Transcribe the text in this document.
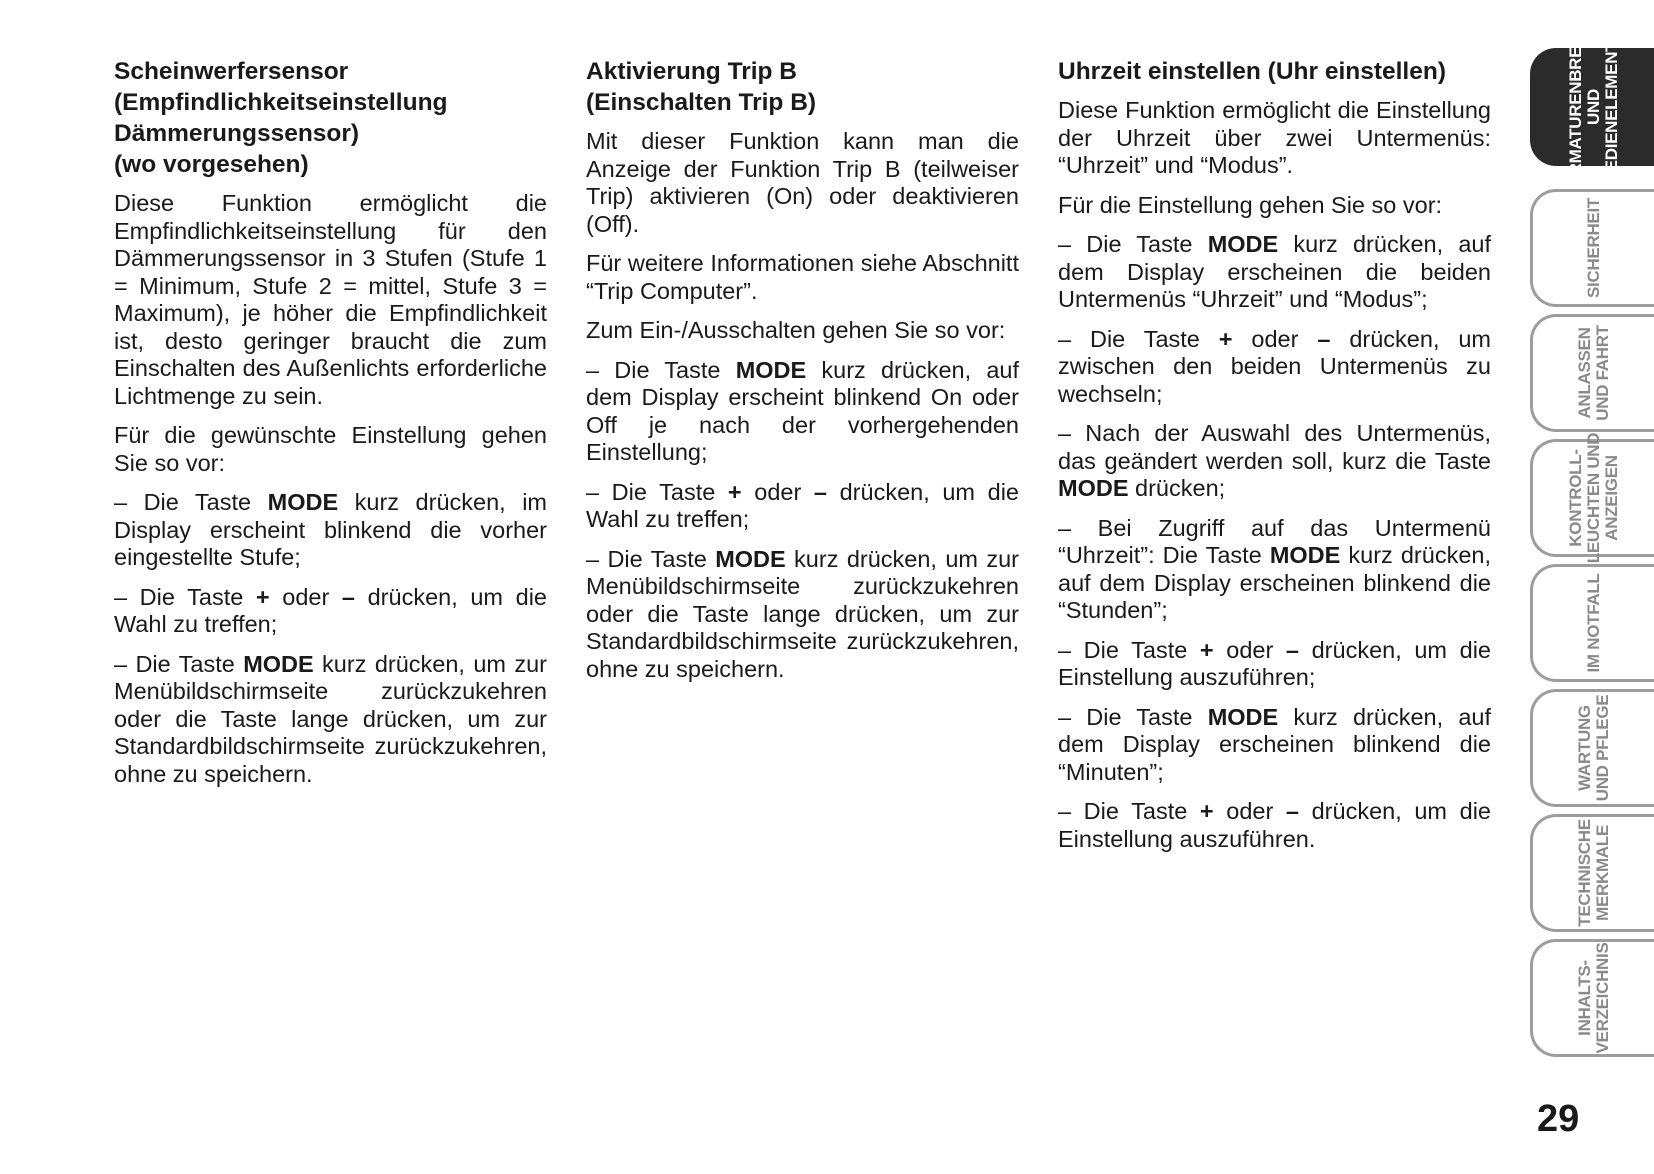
Scheinwerfersensor
(Empfindlichkeitseinstellung
Dämmerungssensor)
(wo vorgesehen)

Diese Funktion ermöglicht die Empfindlichkeitseinstellung für den Dämmerungssensor in 3 Stufen (Stufe 1 = Minimum, Stufe 2 = mittel, Stufe 3 = Maximum), je höher die Empfindlichkeit ist, desto geringer braucht die zum Einschalten des Außenlichts erforderliche Lichtmenge zu sein.

Für die gewünschte Einstellung gehen Sie so vor:

– Die Taste MODE kurz drücken, im Display erscheint blinkend die vorher eingestellte Stufe;

– Die Taste + oder – drücken, um die Wahl zu treffen;

– Die Taste MODE kurz drücken, um zur Menübildschirmseite zurückzukehren oder die Taste lange drücken, um zur Standardbildschirmseite zurückzukehren, ohne zu speichern.

Aktivierung Trip B
(Einschalten Trip B)

Mit dieser Funktion kann man die Anzeige der Funktion Trip B (teilweiser Trip) aktivieren (On) oder deaktivieren (Off).

Für weitere Informationen siehe Abschnitt “Trip Computer”.

Zum Ein-/Ausschalten gehen Sie so vor:

– Die Taste MODE kurz drücken, auf dem Display erscheint blinkend On oder Off je nach der vorhergehenden Einstellung;

– Die Taste + oder – drücken, um die Wahl zu treffen;

– Die Taste MODE kurz drücken, um zur Menübildschirmseite zurückzukehren oder die Taste lange drücken, um zur Standardbildschirmseite zurückzukehren, ohne zu speichern.

Uhrzeit einstellen (Uhr einstellen)

Diese Funktion ermöglicht die Einstellung der Uhrzeit über zwei Untermenüs: “Uhrzeit” und “Modus”.

Für die Einstellung gehen Sie so vor:

– Die Taste MODE kurz drücken, auf dem Display erscheinen die beiden Untermenüs “Uhrzeit” und “Modus”;

– Die Taste + oder – drücken, um zwischen den beiden Untermenüs zu wechseln;

– Nach der Auswahl des Untermenüs, das geändert werden soll, kurz die Taste MODE drücken;

– Bei Zugriff auf das Untermenü “Uhrzeit”: Die Taste MODE kurz drücken, auf dem Display erscheinen blinkend die “Stunden”;

– Die Taste + oder – drücken, um die Einstellung auszuführen;

– Die Taste MODE kurz drücken, auf dem Display erscheinen blinkend die “Minuten”;

– Die Taste + oder – drücken, um die Einstellung auszuführen.

ARMATURENBRETT UND BEDIENELEMENTE
SICHERHEIT
ANLASSEN UND FAHRT
KONTROLL- LEUCHTEN UND ANZEIGEN
IM NOTFALL
WARTUNG UND PFLEGE
TECHNISCHE MERKMALE
INHALTS- VERZEICHNIS
29
